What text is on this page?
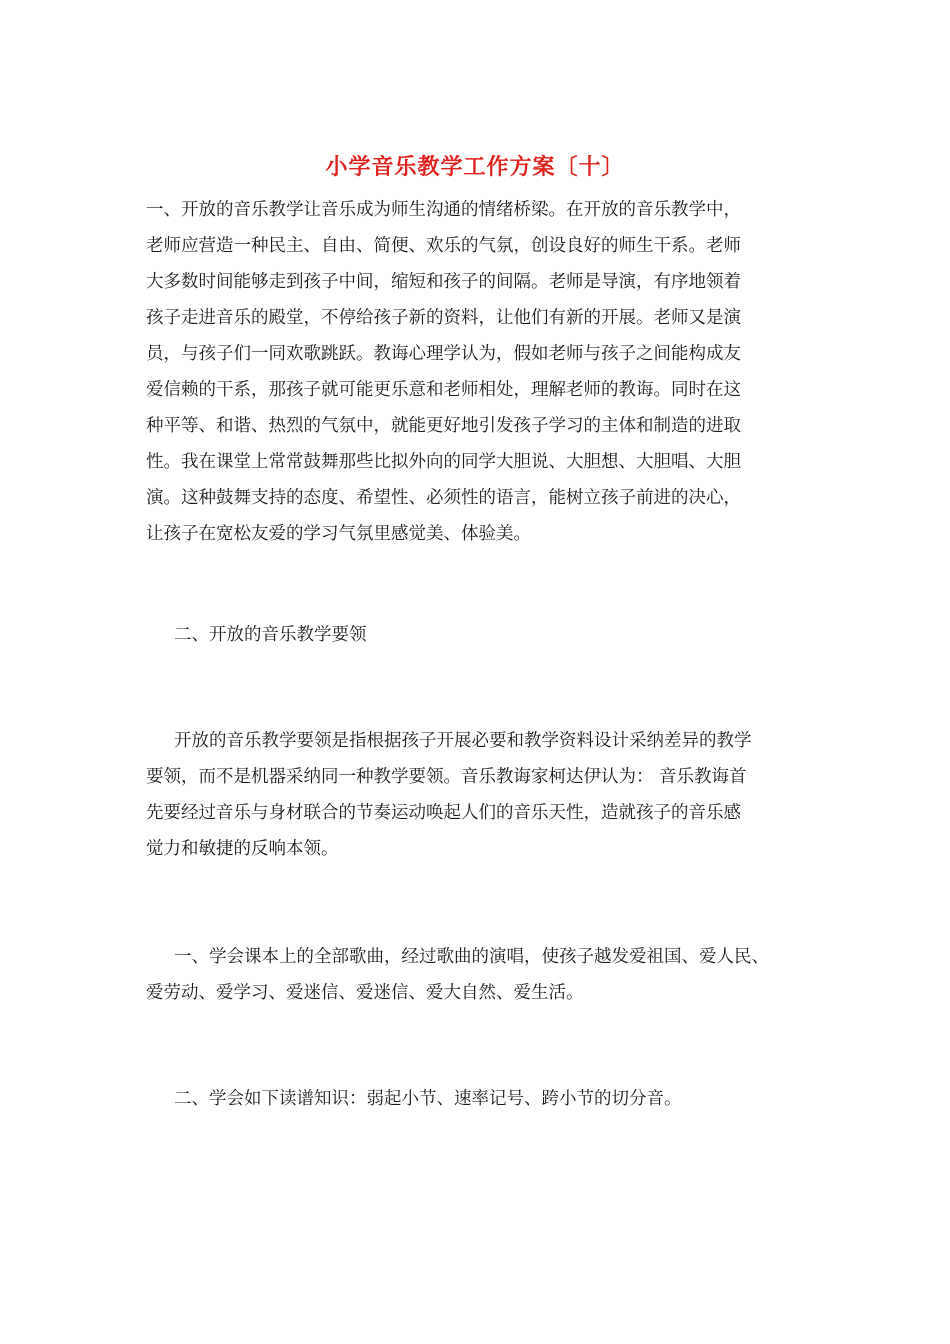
小学音乐教学工作方案〔十〕
一、开放的音乐教学让音乐成为师生沟通的情绪桥梁。在开放的音乐教学中，
老师应营造一种民主、自由、简便、欢乐的气氛，创设良好的师生干系。老师
大多数时间能够走到孩子中间，缩短和孩子的间隔。老师是导演，有序地领着
孩子走进音乐的殿堂，不停给孩子新的资料，让他们有新的开展。老师又是演
员，与孩子们一同欢歌跳跃。教诲心理学认为，假如老师与孩子之间能构成友
爱信赖的干系，那孩子就可能更乐意和老师相处，理解老师的教诲。同时在这
种平等、和谐、热烈的气氛中，就能更好地引发孩子学习的主体和制造的进取
性。我在课堂上常常鼓舞那些比拟外向的同学大胆说、大胆想、大胆唱、大胆
演。这种鼓舞支持的态度、希望性、必须性的语言，能树立孩子前进的决心，
让孩子在宽松友爱的学习气氛里感觉美、体验美。
二、开放的音乐教学要领
开放的音乐教学要领是指根据孩子开展必要和教学资料设计采纳差异的教学
要领，而不是机器采纳同一种教学要领。音乐教诲家柯达伊认为： 音乐教诲首
先要经过音乐与身材联合的节奏运动唤起人们的音乐天性，造就孩子的音乐感
觉力和敏捷的反响本领。
一、学会课本上的全部歌曲，经过歌曲的演唱，使孩子越发爱祖国、爱人民、
爱劳动、爱学习、爱迷信、爱迷信、爱大自然、爱生活。
二、学会如下读谱知识：弱起小节、速率记号、跨小节的切分音。
